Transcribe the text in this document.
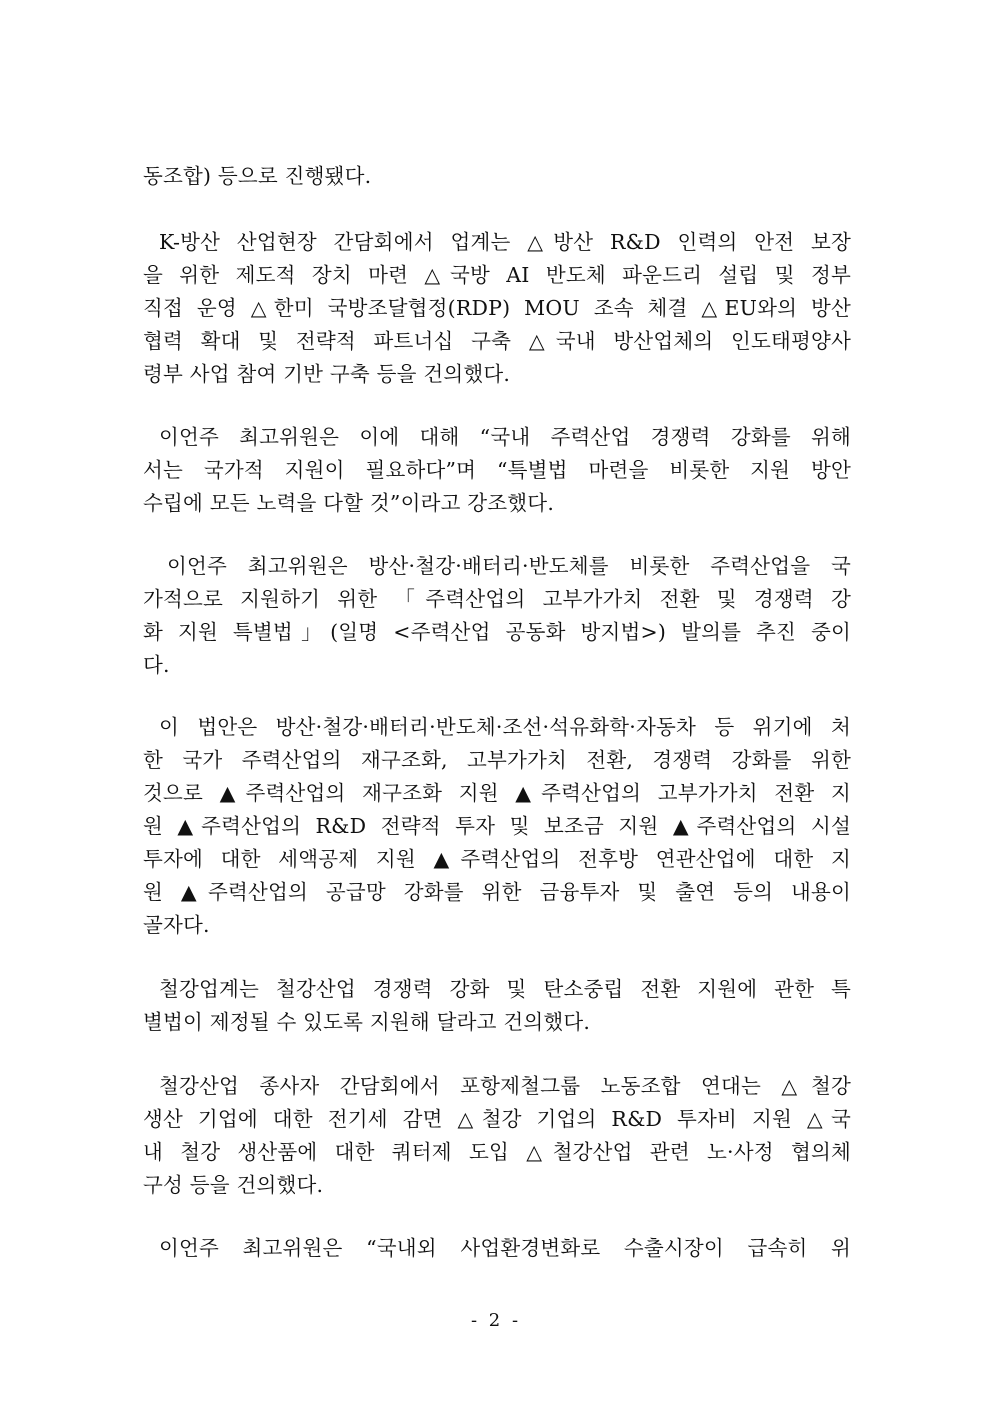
동조합) 등으로 진행됐다.
K-방산 산업현장 간담회에서 업계는 △방산 R&D 인력의 안전 보장
을 위한 제도적 장치 마련 △국방 AI 반도체 파운드리 설립 및 정부
직접 운영 △한미 국방조달협정(RDP) MOU 조속 체결 △EU와의 방산
협력 확대 및 전략적 파트너십 구축 △국내 방산업체의 인도태평양사
령부 사업 참여 기반 구축 등을 건의했다.
이언주 최고위원은 이에 대해 “국내 주력산업 경쟁력 강화를 위해
서는 국가적 지원이 필요하다”며 “특별법 마련을 비롯한 지원 방안
수립에 모든 노력을 다할 것”이라고 강조했다.
이언주 최고위원은 방산·철강·배터리·반도체를 비롯한 주력산업을 국
가적으로 지원하기 위한 「주력산업의 고부가가치 전환 및 경쟁력 강
화 지원 특별법」(일명 <주력산업 공동화 방지법>) 발의를 추진 중이
다.
이 법안은 방산·철강·배터리·반도체·조선·석유화학·자동차 등 위기에 처
한 국가 주력산업의 재구조화, 고부가가치 전환, 경쟁력 강화를 위한
것으로 ▲주력산업의 재구조화 지원 ▲주력산업의 고부가가치 전환 지
원 ▲주력산업의 R&D 전략적 투자 및 보조금 지원 ▲주력산업의 시설
투자에 대한 세액공제 지원 ▲주력산업의 전후방 연관산업에 대한 지
원 ▲주력산업의 공급망 강화를 위한 금융투자 및 출연 등의 내용이
골자다.
철강업계는 철강산업 경쟁력 강화 및 탄소중립 전환 지원에 관한 특
별법이 제정될 수 있도록 지원해 달라고 건의했다.
철강산업 종사자 간담회에서 포항제철그룹 노동조합 연대는 △철강
생산 기업에 대한 전기세 감면 △철강 기업의 R&D 투자비 지원 △국
내 철강 생산품에 대한 쿼터제 도입 △철강산업 관련 노·사정 협의체
구성 등을 건의했다.
이언주 최고위원은 “국내외 사업환경변화로 수출시장이 급속히 위
- 2 -
